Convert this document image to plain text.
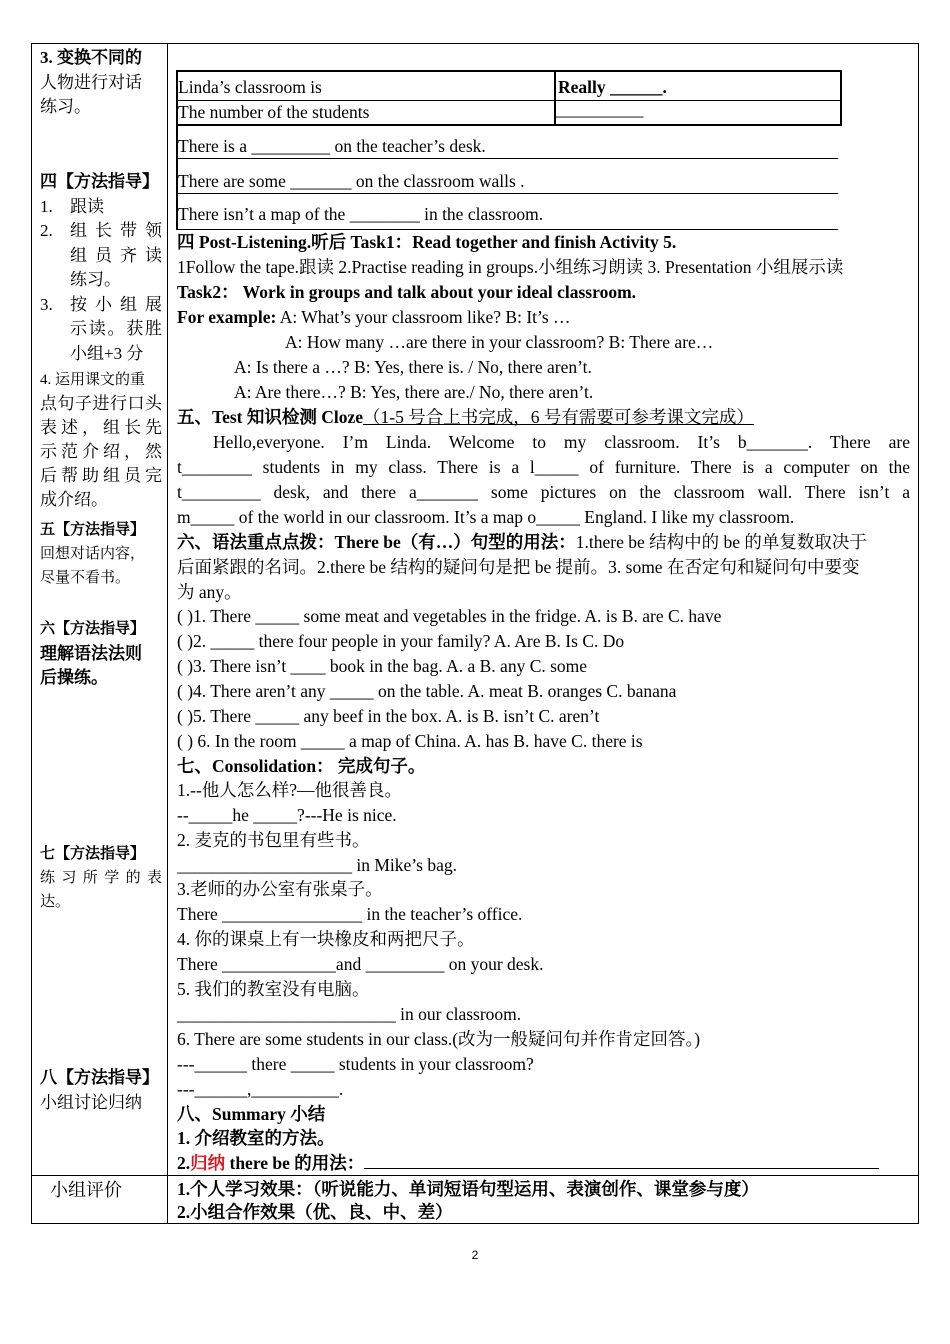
3. 变换不同的
人物进行对话
练习。
四【方法指导】
1. 跟读
2. 组长带领
组员齐读
练习。
3. 按小组展
示读。获胜
小组+3 分
4. 运用课文的重
点句子进行口头
表述，组长先
示范介绍，然
后帮助组员完
成介绍。
五【方法指导】
回想对话内容，
尽量不看书。
六【方法指导】
理解语法法则
后操练。
七【方法指导】
练习所学的表
达。
八【方法指导】
小组讨论归纳
小组评价
Linda’s classroom is	Really ______.
The number of the students	__________
There is a _________ on the teacher’s desk.
There are some _______ on the classroom walls .
There isn’t a map of the ________ in the classroom.
四 Post-Listening.听后 Task1：Read together and finish Activity 5.
1Follow the tape.跟读 2.Practise reading in groups.小组练习朗读 3. Presentation 小组展示读
Task2： Work in groups and talk about your ideal classroom.
For example: A: What’s your classroom like? B: It’s …
A: How many …are there in your classroom? B: There are…
A: Is there a …? B: Yes, there is. / No, there aren’t.
A: Are there…? B: Yes, there are./ No, there aren’t.
五、Test 知识检测 Cloze（1-5 号合上书完成，6 号有需要可参考课文完成）
Hello,everyone. I’m Linda. Welcome to my classroom. It’s b_______. There are
t________ students in my class. There is a l_____ of furniture. There is a computer on the
t_________ desk, and there a_______ some pictures on the classroom wall. There isn’t a
m_____ of the world in our classroom. It’s a map o_____ England. I like my classroom.
六、语法重点点拨：There be（有…）句型的用法：1.there be 结构中的 be 的单复数取决于
后面紧跟的名词。2.there be 结构的疑问句是把 be 提前。3. some 在否定句和疑问句中要变
为 any。
( )1. There _____ some meat and vegetables in the fridge. A. is B. are C. have
( )2. _____ there four people in your family? A. Are B. Is C. Do
( )3. There isn’t ____ book in the bag. A. a B. any C. some
( )4. There aren’t any _____ on the table. A. meat B. oranges C. banana
( )5. There _____ any beef in the box. A. is B. isn’t C. aren’t
( ) 6. In the room _____ a map of China. A. has B. have C. there is
七、Consolidation： 完成句子。
1.--他人怎么样?—他很善良。
--_____he _____?---He is nice.
2. 麦克的书包里有些书。
____________________ in Mike’s bag.
3.老师的办公室有张桌子。
There ________________ in the teacher’s office.
4. 你的课桌上有一块橡皮和两把尺子。
There _____________and _________ on your desk.
5. 我们的教室没有电脑。
_________________________ in our classroom.
6. There are some students in our class.(改为一般疑问句并作肯定回答。)
---______ there _____ students in your classroom?
---______,__________.
八、Summary 小结
1. 介绍教室的方法。
2.归纳 there be 的用法：
1.个人学习效果：（听说能力、单词短语句型运用、表演创作、课堂参与度）
2.小组合作效果（优、良、中、差）
2
